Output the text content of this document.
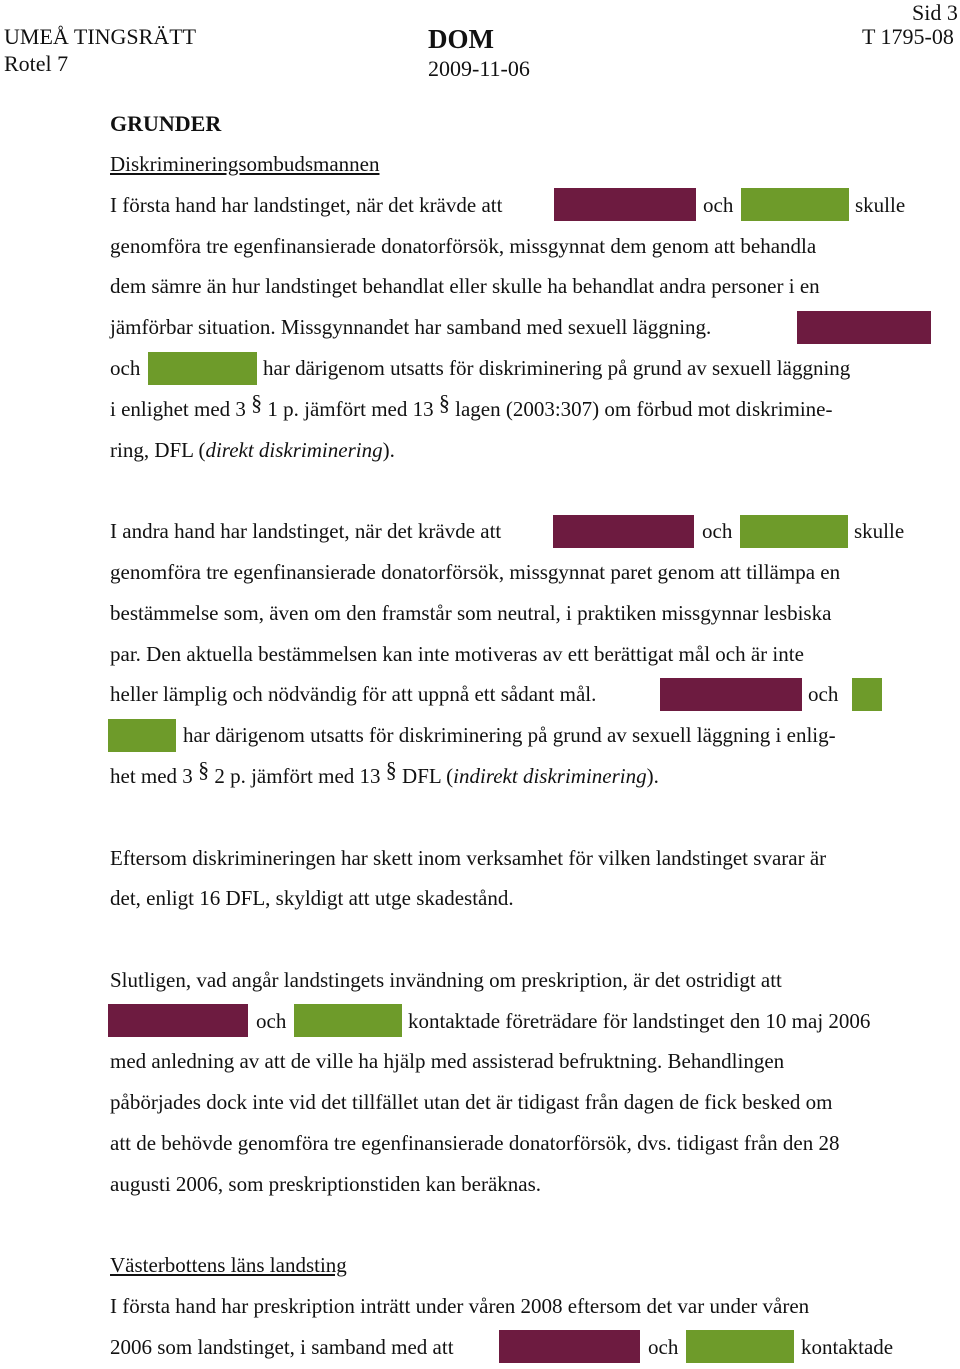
UMEÅ TINGSRÄTT
Rotel 7
DOM
2009-11-06
Sid 3
T 1795-08
GRUNDER
Diskrimineringsombudsmannen
I första hand har landstinget, när det krävde att	och	skulle
genomföra tre egenfinansierade donatorförsök, missgynnat dem genom att behandla
dem sämre än hur landstinget behandlat eller skulle ha behandlat andra personer i en
jämförbar situation. Missgynnandet har samband med sexuell läggning.
och	har därigenom utsatts för diskriminering på grund av sexuell läggning
i enlighet med 3 § 1 p. jämfört med 13 § lagen (2003:307) om förbud mot diskrimine-
ring, DFL (direkt diskriminering).
I andra hand har landstinget, när det krävde att	och	skulle
genomföra tre egenfinansierade donatorförsök, missgynnat paret genom att tillämpa en
bestämmelse som, även om den framstår som neutral, i praktiken missgynnar lesbiska
par. Den aktuella bestämmelsen kan inte motiveras av ett berättigat mål och är inte
heller lämplig och nödvändig för att uppnå ett sådant mål.	och
har därigenom utsatts för diskriminering på grund av sexuell läggning i enlig-
het med 3 § 2 p. jämfört med 13 § DFL (indirekt diskriminering).
Eftersom diskrimineringen har skett inom verksamhet för vilken landstinget svarar är
det, enligt 16 DFL, skyldigt att utge skadestånd.
Slutligen, vad angår landstingets invändning om preskription, är det ostridigt att
och	kontaktade företrädare för landstinget den 10 maj 2006
med anledning av att de ville ha hjälp med assisterad befruktning. Behandlingen
påbörjades dock inte vid det tillfället utan det är tidigast från dagen de fick besked om
att de behövde genomföra tre egenfinansierade donatorförsök, dvs. tidigast från den 28
augusti 2006, som preskriptionstiden kan beräknas.
Västerbottens läns landsting
I första hand har preskription inträtt under våren 2008 eftersom det var under våren
2006 som landstinget, i samband med att	och	kontaktade
